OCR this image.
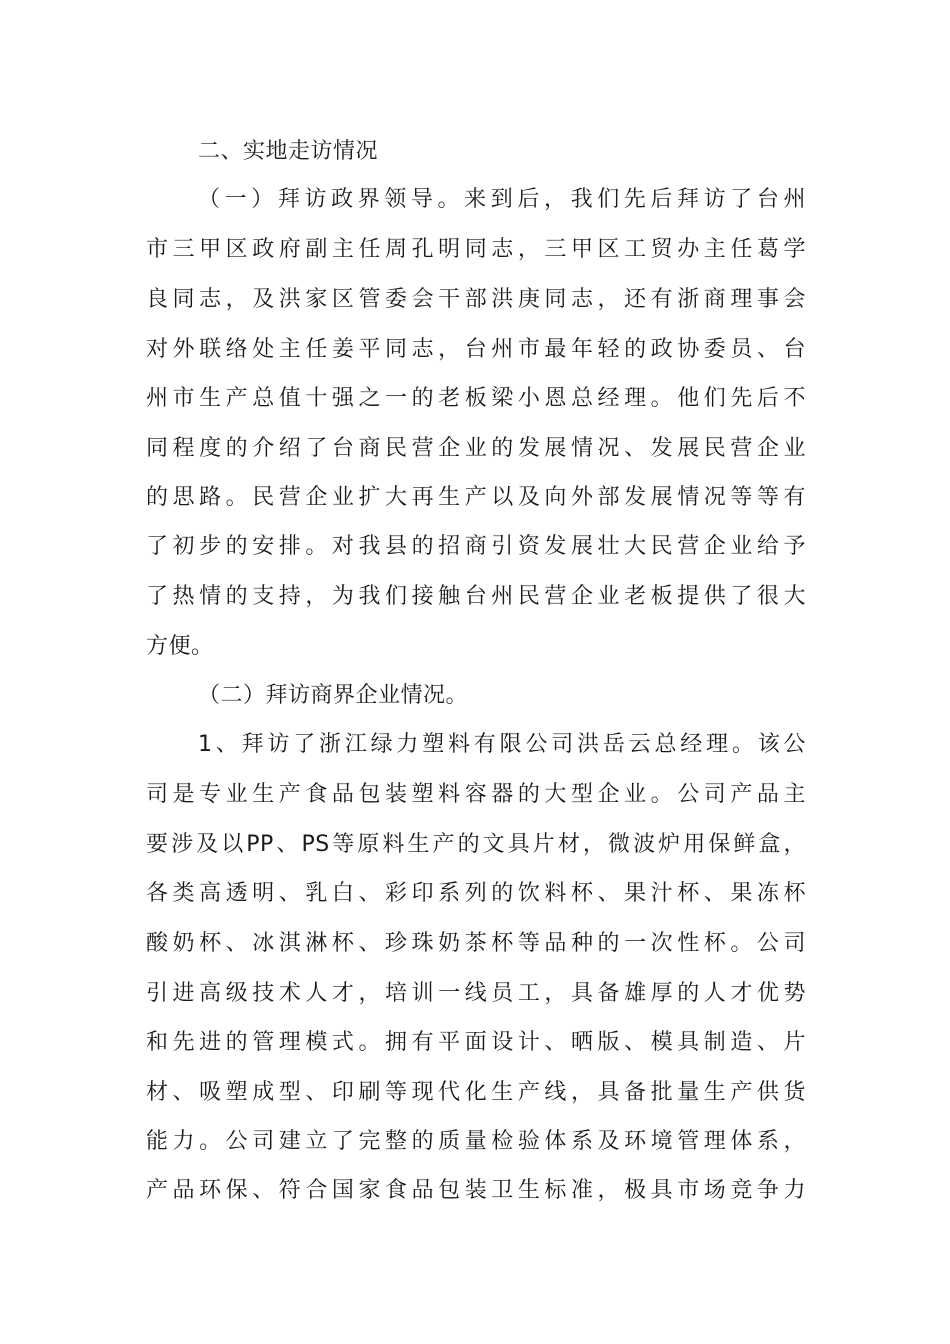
二、实地走访情况
（一）拜访政界领导。来到后，我们先后拜访了台州
市三甲区政府副主任周孔明同志，三甲区工贸办主任葛学
良同志，及洪家区管委会干部洪庚同志，还有浙商理事会
对外联络处主任姜平同志，台州市最年轻的政协委员、台
州市生产总值十强之一的老板梁小恩总经理。他们先后不
同程度的介绍了台商民营企业的发展情况、发展民营企业
的思路。民营企业扩大再生产以及向外部发展情况等等有
了初步的安排。对我县的招商引资发展壮大民营企业给予
了热情的支持，为我们接触台州民营企业老板提供了很大
方便。
（二）拜访商界企业情况。
1、拜访了浙江绿力塑料有限公司洪岳云总经理。该公
司是专业生产食品包装塑料容器的大型企业。公司产品主
要涉及以PP、PS等原料生产的文具片材，微波炉用保鲜盒，
各类高透明、乳白、彩印系列的饮料杯、果汁杯、果冻杯
酸奶杯、冰淇淋杯、珍珠奶茶杯等品种的一次性杯。公司
引进高级技术人才，培训一线员工，具备雄厚的人才优势
和先进的管理模式。拥有平面设计、晒版、模具制造、片
材、吸塑成型、印刷等现代化生产线，具备批量生产供货
能力。公司建立了完整的质量检验体系及环境管理体系，
产品环保、符合国家食品包装卫生标准，极具市场竞争力
